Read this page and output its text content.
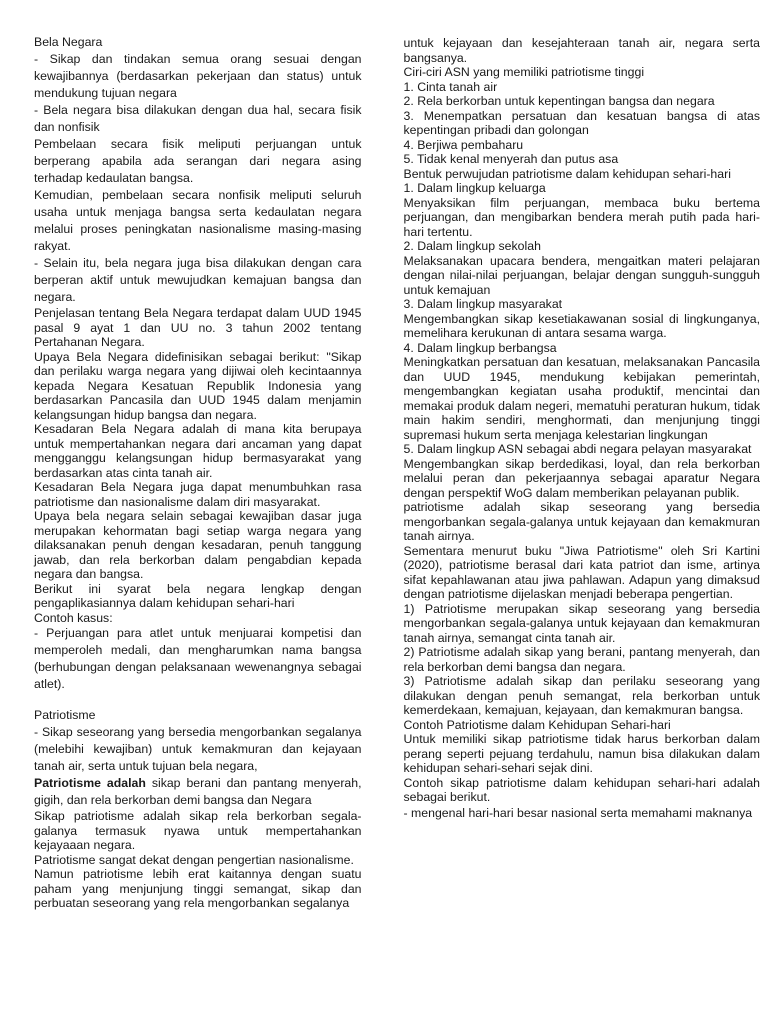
Bela Negara

- Sikap dan tindakan semua orang sesuai dengan kewajibannya (berdasarkan pekerjaan dan status) untuk mendukung tujuan negara

- Bela negara bisa dilakukan dengan dua hal, secara fisik dan nonfisik

Pembelaan secara fisik meliputi perjuangan untuk berperang apabila ada serangan dari negara asing terhadap kedaulatan bangsa.

Kemudian, pembelaan secara nonfisik meliputi seluruh usaha untuk menjaga bangsa serta kedaulatan negara melalui proses peningkatan nasionalisme masing-masing rakyat.

- Selain itu, bela negara juga bisa dilakukan dengan cara berperan aktif untuk mewujudkan kemajuan bangsa dan negara.

Penjelasan tentang Bela Negara terdapat dalam UUD 1945 pasal 9 ayat 1 dan UU no. 3 tahun 2002 tentang Pertahanan Negara.

Upaya Bela Negara didefinisikan sebagai berikut: "Sikap dan perilaku warga negara yang dijiwai oleh kecintaannya kepada Negara Kesatuan Republik Indonesia yang berdasarkan Pancasila dan UUD 1945 dalam menjamin kelangsungan hidup bangsa dan negara.

Kesadaran Bela Negara adalah di mana kita berupaya untuk mempertahankan negara dari ancaman yang dapat mengganggu kelangsungan hidup bermasyarakat yang berdasarkan atas cinta tanah air.

Kesadaran Bela Negara juga dapat menumbuhkan rasa patriotisme dan nasionalisme dalam diri masyarakat.

Upaya bela negara selain sebagai kewajiban dasar juga merupakan kehormatan bagi setiap warga negara yang dilaksanakan penuh dengan kesadaran, penuh tanggung jawab, dan rela berkorban dalam pengabdian kepada negara dan bangsa.

Berikut ini syarat bela negara lengkap dengan pengaplikasiannya dalam kehidupan sehari-hari

Contoh kasus:

- Perjuangan para atlet untuk menjuarai kompetisi dan memperoleh medali, dan mengharumkan nama bangsa (berhubungan dengan pelaksanaan wewenangnya sebagai atlet).

Patriotisme

- Sikap seseorang yang bersedia mengorbankan segalanya (melebihi kewajiban) untuk kemakmuran dan kejayaan tanah air, serta untuk tujuan bela negara,

Patriotisme adalah sikap berani dan pantang menyerah, gigih, dan rela berkorban demi bangsa dan Negara

Sikap patriotisme adalah sikap rela berkorban segala-galanya termasuk nyawa untuk mempertahankan kejayaaan negara.

Patriotisme sangat dekat dengan pengertian nasionalisme.

Namun patriotisme lebih erat kaitannya dengan suatu paham yang menjunjung tinggi semangat, sikap dan perbuatan seseorang yang rela mengorbankan segalanya

untuk kejayaan dan kesejahteraan tanah air, negara serta bangsanya.

Ciri-ciri ASN yang memiliki patriotisme tinggi

1. Cinta tanah air

2. Rela berkorban untuk kepentingan bangsa dan negara

3. Menempatkan persatuan dan kesatuan bangsa di atas kepentingan pribadi dan golongan

4. Berjiwa pembaharu

5. Tidak kenal menyerah dan putus asa

Bentuk perwujudan patriotisme dalam kehidupan sehari-hari

1. Dalam lingkup keluarga

Menyaksikan film perjuangan, membaca buku bertema perjuangan, dan mengibarkan bendera merah putih pada hari-hari tertentu.

2. Dalam lingkup sekolah

Melaksanakan upacara bendera, mengaitkan materi pelajaran dengan nilai-nilai perjuangan, belajar dengan sungguh-sungguh untuk kemajuan

3. Dalam lingkup masyarakat

Mengembangkan sikap kesetiakawanan sosial di lingkunganya, memelihara kerukunan di antara sesama warga.

4. Dalam lingkup berbangsa

Meningkatkan persatuan dan kesatuan, melaksanakan Pancasila dan UUD 1945, mendukung kebijakan pemerintah, mengembangkan kegiatan usaha produktif, mencintai dan memakai produk dalam negeri, mematuhi peraturan hukum, tidak main hakim sendiri, menghormati, dan menjunjung tinggi supremasi hukum serta menjaga kelestarian lingkungan

5. Dalam lingkup ASN sebagai abdi negara pelayan masyarakat

Mengembangkan sikap berdedikasi, loyal, dan rela berkorban melalui peran dan pekerjaannya sebagai aparatur Negara dengan perspektif WoG dalam memberikan pelayanan publik.

patriotisme adalah sikap seseorang yang bersedia mengorbankan segala-galanya untuk kejayaan dan kemakmuran tanah airnya.

Sementara menurut buku "Jiwa Patriotisme" oleh Sri Kartini (2020), patriotisme berasal dari kata patriot dan isme, artinya sifat kepahlawanan atau jiwa pahlawan. Adapun yang dimaksud dengan patriotisme dijelaskan menjadi beberapa pengertian.

1) Patriotisme merupakan sikap seseorang yang bersedia mengorbankan segala-galanya untuk kejayaan dan kemakmuran tanah airnya, semangat cinta tanah air.

2) Patriotisme adalah sikap yang berani, pantang menyerah, dan rela berkorban demi bangsa dan negara.

3) Patriotisme adalah sikap dan perilaku seseorang yang dilakukan dengan penuh semangat, rela berkorban untuk kemerdekaan, kemajuan, kejayaan, dan kemakmuran bangsa.

Contoh Patriotisme dalam Kehidupan Sehari-hari

Untuk memiliki sikap patriotisme tidak harus berkorban dalam perang seperti pejuang terdahulu, namun bisa dilakukan dalam kehidupan sehari-sehari sejak dini.

Contoh sikap patriotisme dalam kehidupan sehari-hari adalah sebagai berikut.

- mengenal hari-hari besar nasional serta memahami maknanya
